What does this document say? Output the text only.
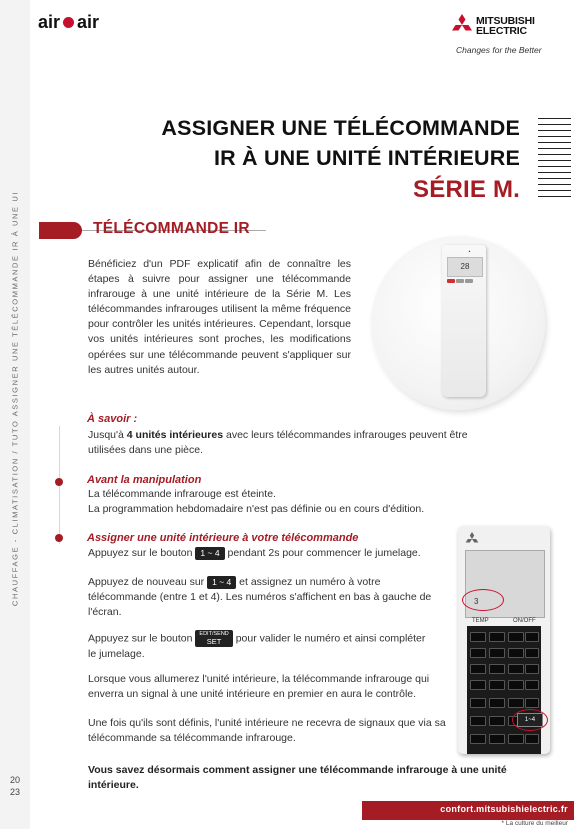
CHAUFFAGE - CLIMATISATION / TUTO ASSIGNER UNE TÉLÉCOMMANDE IR À UNE UI
20
23
air air	MITSUBISHI
ELECTRIC
Changes for the Better
ASSIGNER UNE TÉLÉCOMMANDE
IR À UNE UNITÉ INTÉRIEURE
SÉRIE M.
TÉLÉCOMMANDE IR
Bénéficiez d'un PDF explicatif afin de connaître les étapes à suivre pour assigner une télécommande infrarouge à une unité intérieure de la Série M. Les télécommandes infrarouges utilisent la même fréquence pour contrôler les unités intérieures. Cependant, lorsque vos unités intérieures sont proches, les modifications opérées sur une télécommande peuvent s'appliquer sur les autres unités autour.
▲
28
À savoir :
Jusqu'à 4 unités intérieures avec leurs télécommandes infrarouges peuvent être utilisées dans une pièce.
Avant la manipulation
La télécommande infrarouge est éteinte.
La programmation hebdomadaire n'est pas définie ou en cours d'édition.
Assigner une unité intérieure à votre télécommande
Appuyez sur le bouton 1 ~ 4 pendant 2s pour commencer le jumelage.
Appuyez de nouveau sur 1 ~ 4 et assignez un numéro à votre télécommande (entre 1 et 4). Les numéros s'affichent en bas à gauche de l'écran.
Appuyez sur le bouton EDIT/SEND
SET	pour valider le numéro et ainsi compléter le jumelage.
Lorsque vous allumerez l'unité intérieure, la télécommande infrarouge qui enverra un signal à une unité intérieure en premier en aura le contrôle.
Une fois qu'ils sont définis, l'unité intérieure ne recevra de signaux que via sa télécommande sa télécommande infrarouge.
3
TEMP	ON/OFF
1~4
Vous savez désormais comment assigner une télécommande infrarouge à une unité intérieure.
confort.mitsubishielectric.fr
* La culture du meilleur
